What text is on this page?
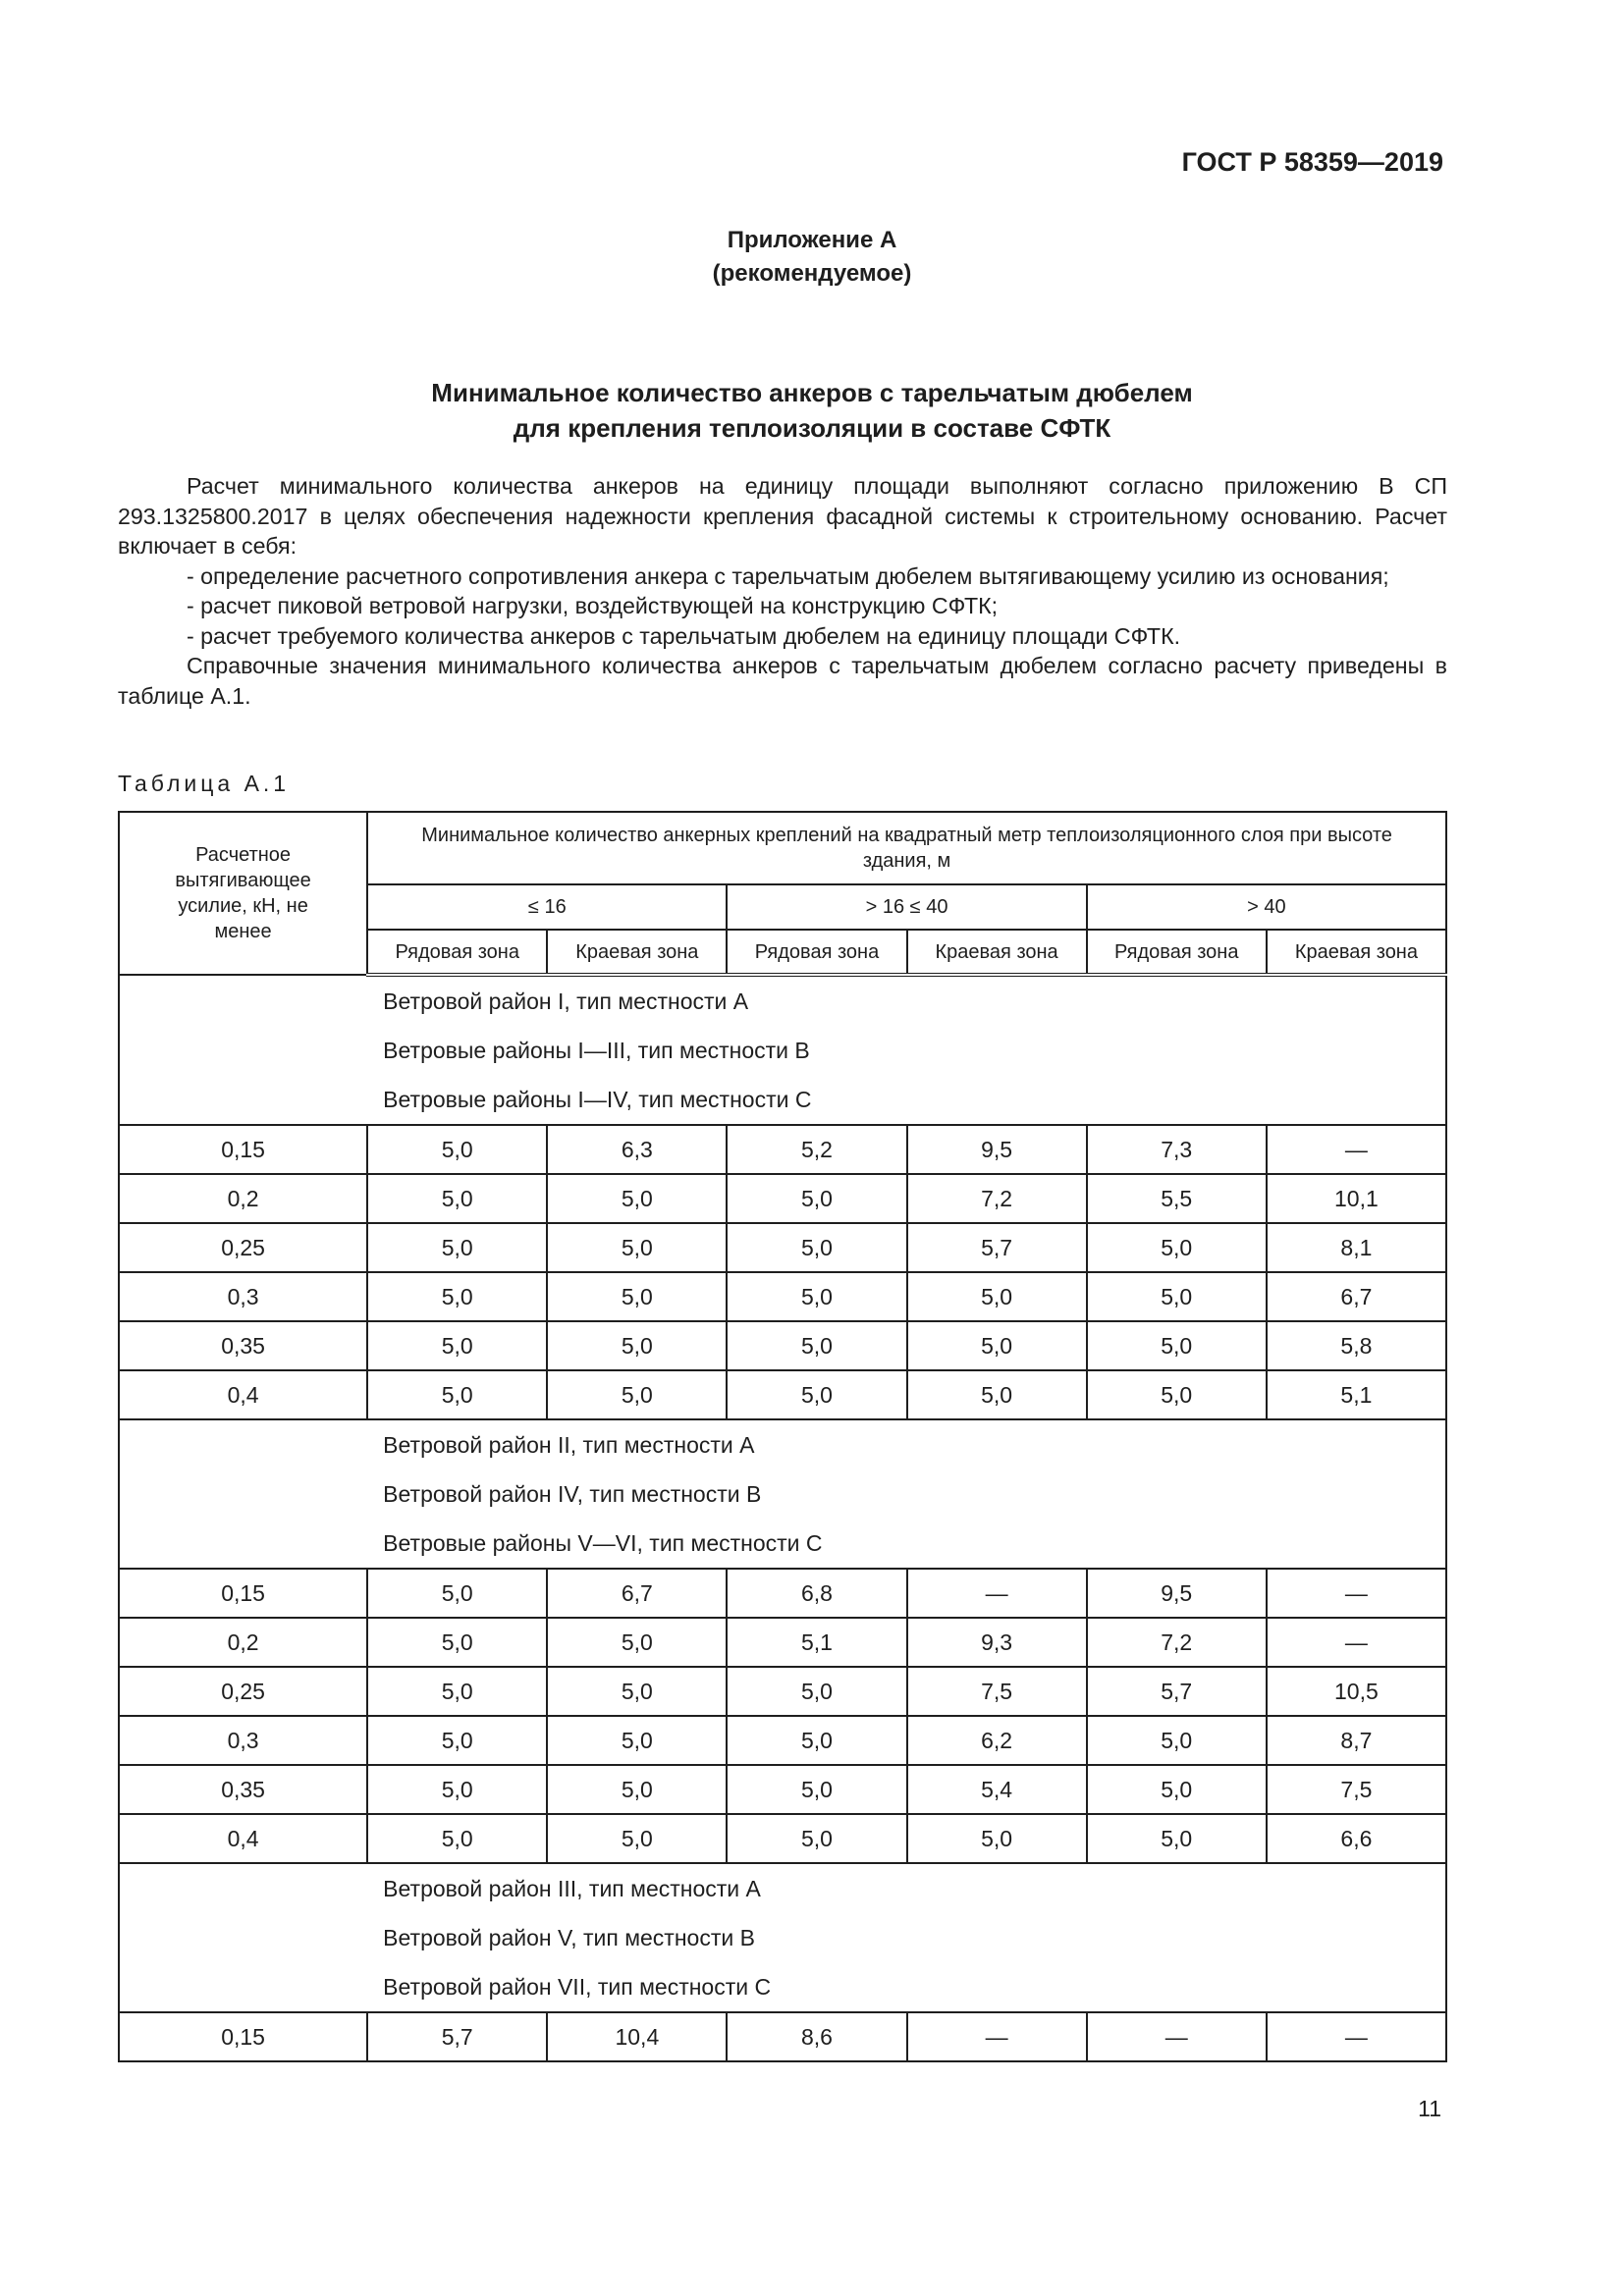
ГОСТ Р 58359—2019
Приложение А
(рекомендуемое)
Минимальное количество анкеров с тарельчатым дюбелем
для крепления теплоизоляции в составе СФТК

Расчет минимального количества анкеров на единицу площади выполняют согласно приложению В СП 293.1325800.2017 в целях обеспечения надежности крепления фасадной системы к строительному основанию. Расчет включает в себя:

- определение расчетного сопротивления анкера с тарельчатым дюбелем вытягивающему усилию из основания;

- расчет пиковой ветровой нагрузки, воздействующей на конструкцию СФТК;

- расчет требуемого количества анкеров с тарельчатым дюбелем на единицу площади СФТК.

Справочные значения минимального количества анкеров с тарельчатым дюбелем согласно расчету приведены в таблице А.1.

Таблица А.1
Расчетное вытягивающее усилие, кН, не менее	Минимальное количество анкерных креплений на квадратный метр теплоизоляционного слоя при высоте здания, м					
	≤ 16		> 16 ≤ 40		> 40	
	Рядовая зона	Краевая зона	Рядовая зона	Краевая зона	Рядовая зона	Краевая зона

	Ветровой район I, тип местности А
Ветровые районы I—III, тип местности В
Ветровые районы I—IV, тип местности С					

0,15	5,0	6,3	5,2	9,5	7,3	—
0,2	5,0	5,0	5,0	7,2	5,5	10,1
0,25	5,0	5,0	5,0	5,7	5,0	8,1
0,3	5,0	5,0	5,0	5,0	5,0	6,7
0,35	5,0	5,0	5,0	5,0	5,0	5,8
0,4	5,0	5,0	5,0	5,0	5,0	5,1

	Ветровой район II, тип местности А
Ветровой район IV, тип местности В
Ветровые районы V—VI, тип местности С					

0,15	5,0	6,7	6,8	—	9,5	—
0,2	5,0	5,0	5,1	9,3	7,2	—
0,25	5,0	5,0	5,0	7,5	5,7	10,5
0,3	5,0	5,0	5,0	6,2	5,0	8,7
0,35	5,0	5,0	5,0	5,4	5,0	7,5
0,4	5,0	5,0	5,0	5,0	5,0	6,6

	Ветровой район III, тип местности А
Ветровой район V, тип местности В
Ветровой район VII, тип местности С					

0,15	5,7	10,4	8,6	—	—	—
11
